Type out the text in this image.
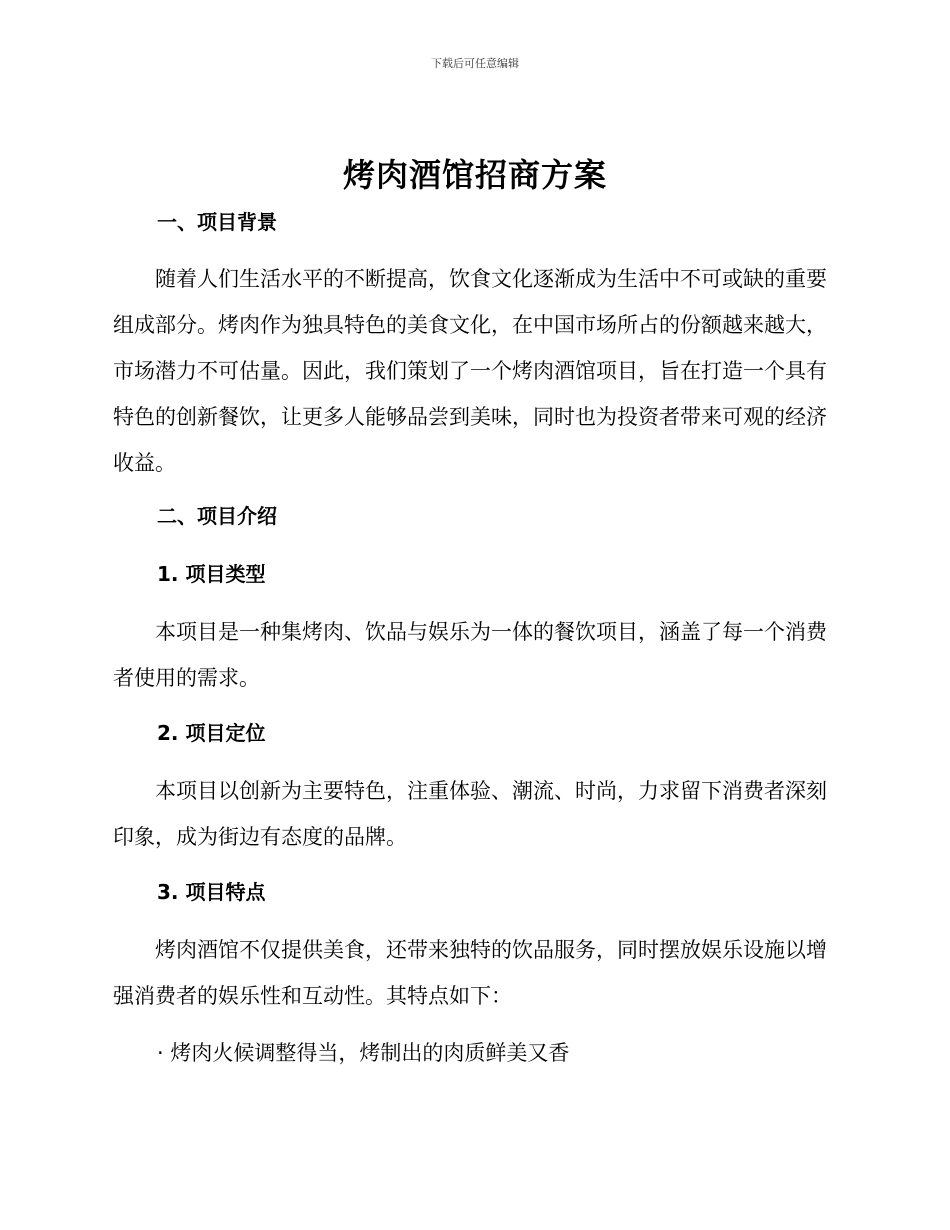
下载后可任意编辑
烤肉酒馆招商方案
一、项目背景

随着人们生活水平的不断提高，饮食文化逐渐成为生活中不可或缺的重要组成部分。烤肉作为独具特色的美食文化，在中国市场所占的份额越来越大，市场潜力不可估量。因此，我们策划了一个烤肉酒馆项目，旨在打造一个具有特色的创新餐饮，让更多人能够品尝到美味，同时也为投资者带来可观的经济收益。

二、项目介绍
1. 项目类型

本项目是一种集烤肉、饮品与娱乐为一体的餐饮项目，涵盖了每一个消费者使用的需求。

2. 项目定位

本项目以创新为主要特色，注重体验、潮流、时尚，力求留下消费者深刻印象，成为街边有态度的品牌。

3. 项目特点

烤肉酒馆不仅提供美食，还带来独特的饮品服务，同时摆放娱乐设施以增强消费者的娱乐性和互动性。其特点如下：

· 烤肉火候调整得当，烤制出的肉质鲜美又香
